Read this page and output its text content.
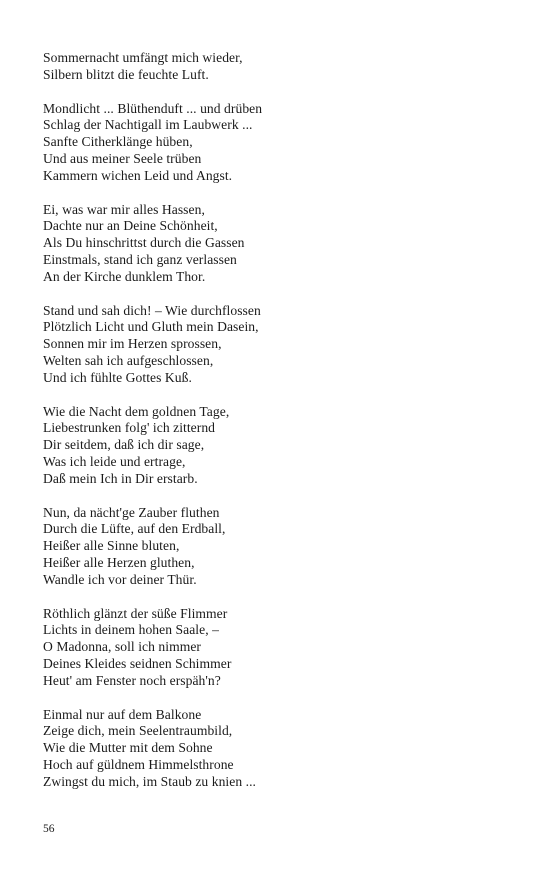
Sommernacht umfängt mich wieder,
Silbern blitzt die feuchte Luft.
Mondlicht ... Blüthenduft ... und drüben
Schlag der Nachtigall im Laubwerk ...
Sanfte Citherklänge hüben,
Und aus meiner Seele trüben
Kammern wichen Leid und Angst.
Ei, was war mir alles Hassen,
Dachte nur an Deine Schönheit,
Als Du hinschrittst durch die Gassen
Einstmals, stand ich ganz verlassen
An der Kirche dunklem Thor.
Stand und sah dich! – Wie durchflossen
Plötzlich Licht und Gluth mein Dasein,
Sonnen mir im Herzen sprossen,
Welten sah ich aufgeschlossen,
Und ich fühlte Gottes Kuß.
Wie die Nacht dem goldnen Tage,
Liebestrunken folg' ich zitternd
Dir seitdem, daß ich dir sage,
Was ich leide und ertrage,
Daß mein Ich in Dir erstarb.
Nun, da nächt'ge Zauber fluthen
Durch die Lüfte, auf den Erdball,
Heißer alle Sinne bluten,
Heißer alle Herzen gluthen,
Wandle ich vor deiner Thür.
Röthlich glänzt der süße Flimmer
Lichts in deinem hohen Saale, –
O Madonna, soll ich nimmer
Deines Kleides seidnen Schimmer
Heut' am Fenster noch erspäh'n?
Einmal nur auf dem Balkone
Zeige dich, mein Seelentraumbild,
Wie die Mutter mit dem Sohne
Hoch auf güldnem Himmelsthrone
Zwingst du mich, im Staub zu knien ...
56
